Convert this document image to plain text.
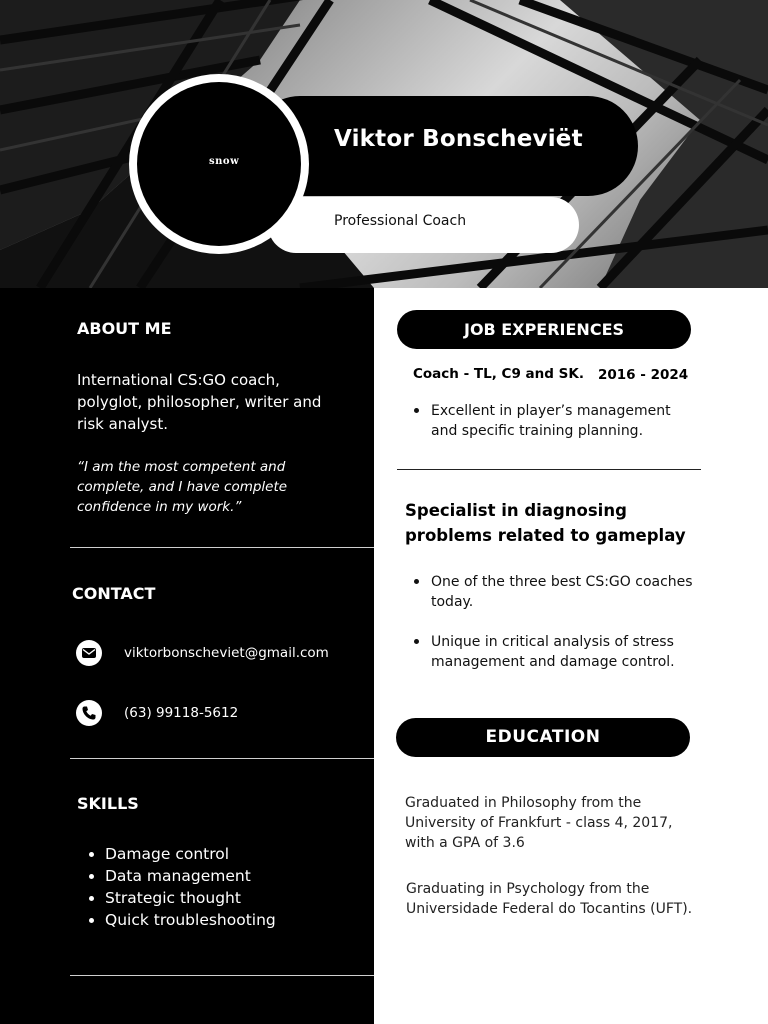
Viktor Bonscheviët
Professional Coach
snow
ABOUT ME
International CS:GO coach, polyglot, philosopher, writer and risk analyst.
“I am the most competent and complete, and I have complete confidence in my work.”
CONTACT
viktorbonscheviet@gmail.com
(63) 99118-5612
SKILLS
Damage control
Data management
Strategic thought
Quick troubleshooting
JOB EXPERIENCES
Coach - TL, C9 and SK. 2016 - 2024
Excellent in player’s management and specific training planning.
Specialist in diagnosing problems related to gameplay
One of the three best CS:GO coaches today.
Unique in critical analysis of stress management and damage control.
EDUCATION
Graduated in Philosophy from the University of Frankfurt - class 4, 2017, with a GPA of 3.6
Graduating in Psychology from the Universidade Federal do Tocantins (UFT).
